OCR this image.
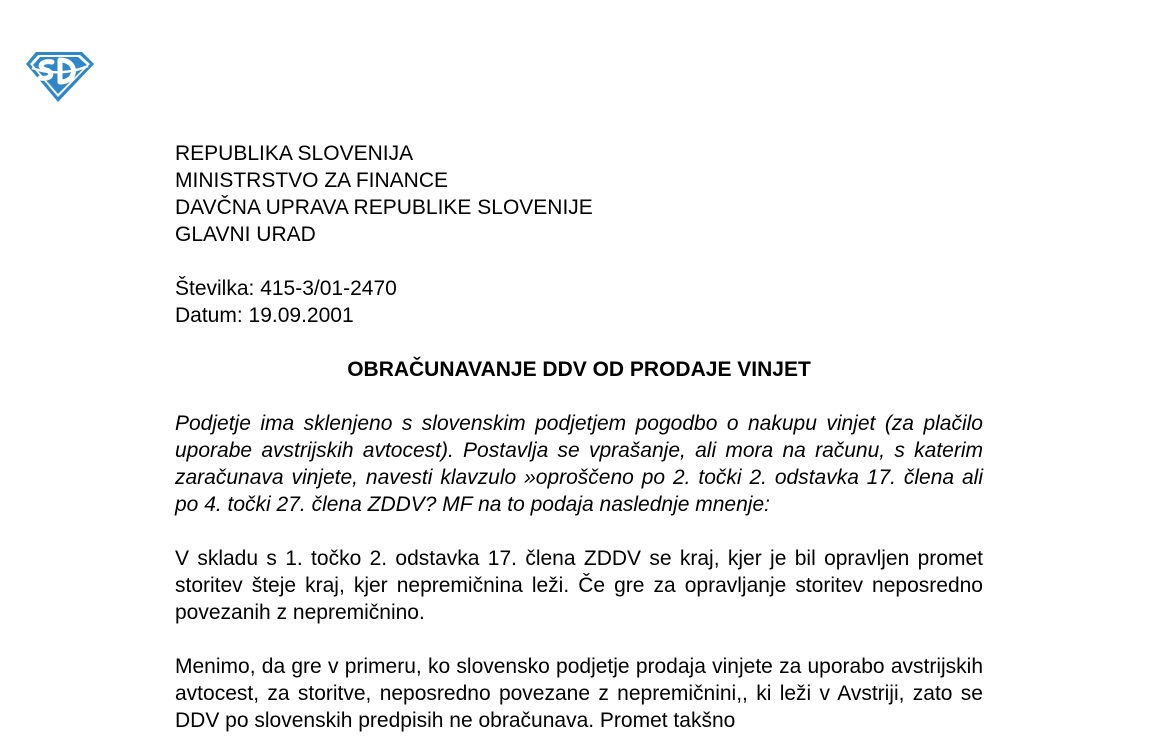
REPUBLIKA SLOVENIJA
MINISTRSTVO ZA FINANCE
DAVČNA UPRAVA REPUBLIKE SLOVENIJE
GLAVNI URAD
Številka: 415-3/01-2470
Datum: 19.09.2001
OBRAČUNAVANJE DDV OD PRODAJE VINJET

Podjetje ima sklenjeno s slovenskim podjetjem pogodbo o nakupu vinjet (za plačilo uporabe avstrijskih avtocest). Postavlja se vprašanje, ali mora na računu, s katerim zaračunava vinjete, navesti klavzulo »oproščeno po 2. točki 2. odstavka 17. člena ali po 4. točki 27. člena ZDDV? MF na to podaja naslednje mnenje:

V skladu s 1. točko 2. odstavka 17. člena ZDDV se kraj, kjer je bil opravljen promet storitev šteje kraj, kjer nepremičnina leži. Če gre za opravljanje storitev neposredno povezanih z nepremičnino.

Menimo, da gre v primeru, ko slovensko podjetje prodaja vinjete za uporabo avstrijskih avtocest, za storitve, neposredno povezane z nepremičnini,, ki leži v Avstriji, zato se DDV po slovenskih predpisih ne obračunava. Promet takšno
